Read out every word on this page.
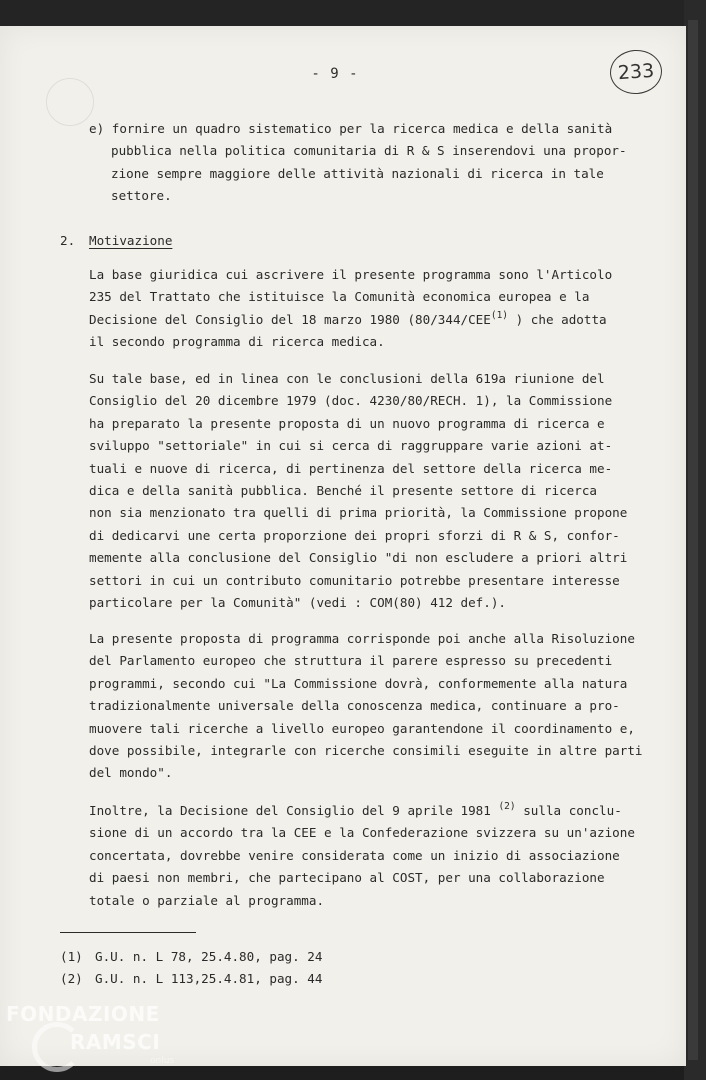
- 9 -	233
e) fornire un quadro sistematico per la ricerca medica e della sanità
pubblica nella politica comunitaria di R & S inserendovi una propor-
zione sempre maggiore delle attività nazionali di ricerca in tale
settore.
2. Motivazione
La base giuridica cui ascrivere il presente programma sono l'Articolo
235 del Trattato che istituisce la Comunità economica europea e la
Decisione del Consiglio del 18 marzo 1980 (80/344/CEE$^{(1)}$ ) che adotta
il secondo programma di ricerca medica.
Su tale base, ed in linea con le conclusioni della 619a riunione del
Consiglio del 20 dicembre 1979 (doc. 4230/80/RECH. 1), la Commissione
ha preparato la presente proposta di un nuovo programma di ricerca e
sviluppo "settoriale" in cui si cerca di raggruppare varie azioni at-
tuali e nuove di ricerca, di pertinenza del settore della ricerca me-
dica e della sanità pubblica. Benché il presente settore di ricerca
non sia menzionato tra quelli di prima priorità, la Commissione propone
di dedicarvi une certa proporzione dei propri sforzi di R & S, confor-
memente alla conclusione del Consiglio "di non escludere a priori altri
settori in cui un contributo comunitario potrebbe presentare interesse
particolare per la Comunità" (vedi : COM(80) 412 def.).
La presente proposta di programma corrisponde poi anche alla Risoluzione
del Parlamento europeo che struttura il parere espresso su precedenti
programmi, secondo cui "La Commissione dovrà, conformemente alla natura
tradizionalmente universale della conoscenza medica, continuare a pro-
muovere tali ricerche a livello europeo garantendone il coordinamento e,
dove possibile, integrarle con ricerche consimili eseguite in altre parti
del mondo".
Inoltre, la Decisione del Consiglio del 9 aprile 1981 $^{(2)}$ sulla conclu-
sione di un accordo tra la CEE e la Confederazione svizzera su un'azione
concertata, dovrebbe venire considerata come un inizio di associazione
di paesi non membri, che partecipano al COST, per una collaborazione
totale o parziale al programma.
(1) G.U. n. L 78, 25.4.80, pag. 24
(2) G.U. n. L 113,25.4.81, pag. 44
FONDAZIONE
RAMSCI
onlus
